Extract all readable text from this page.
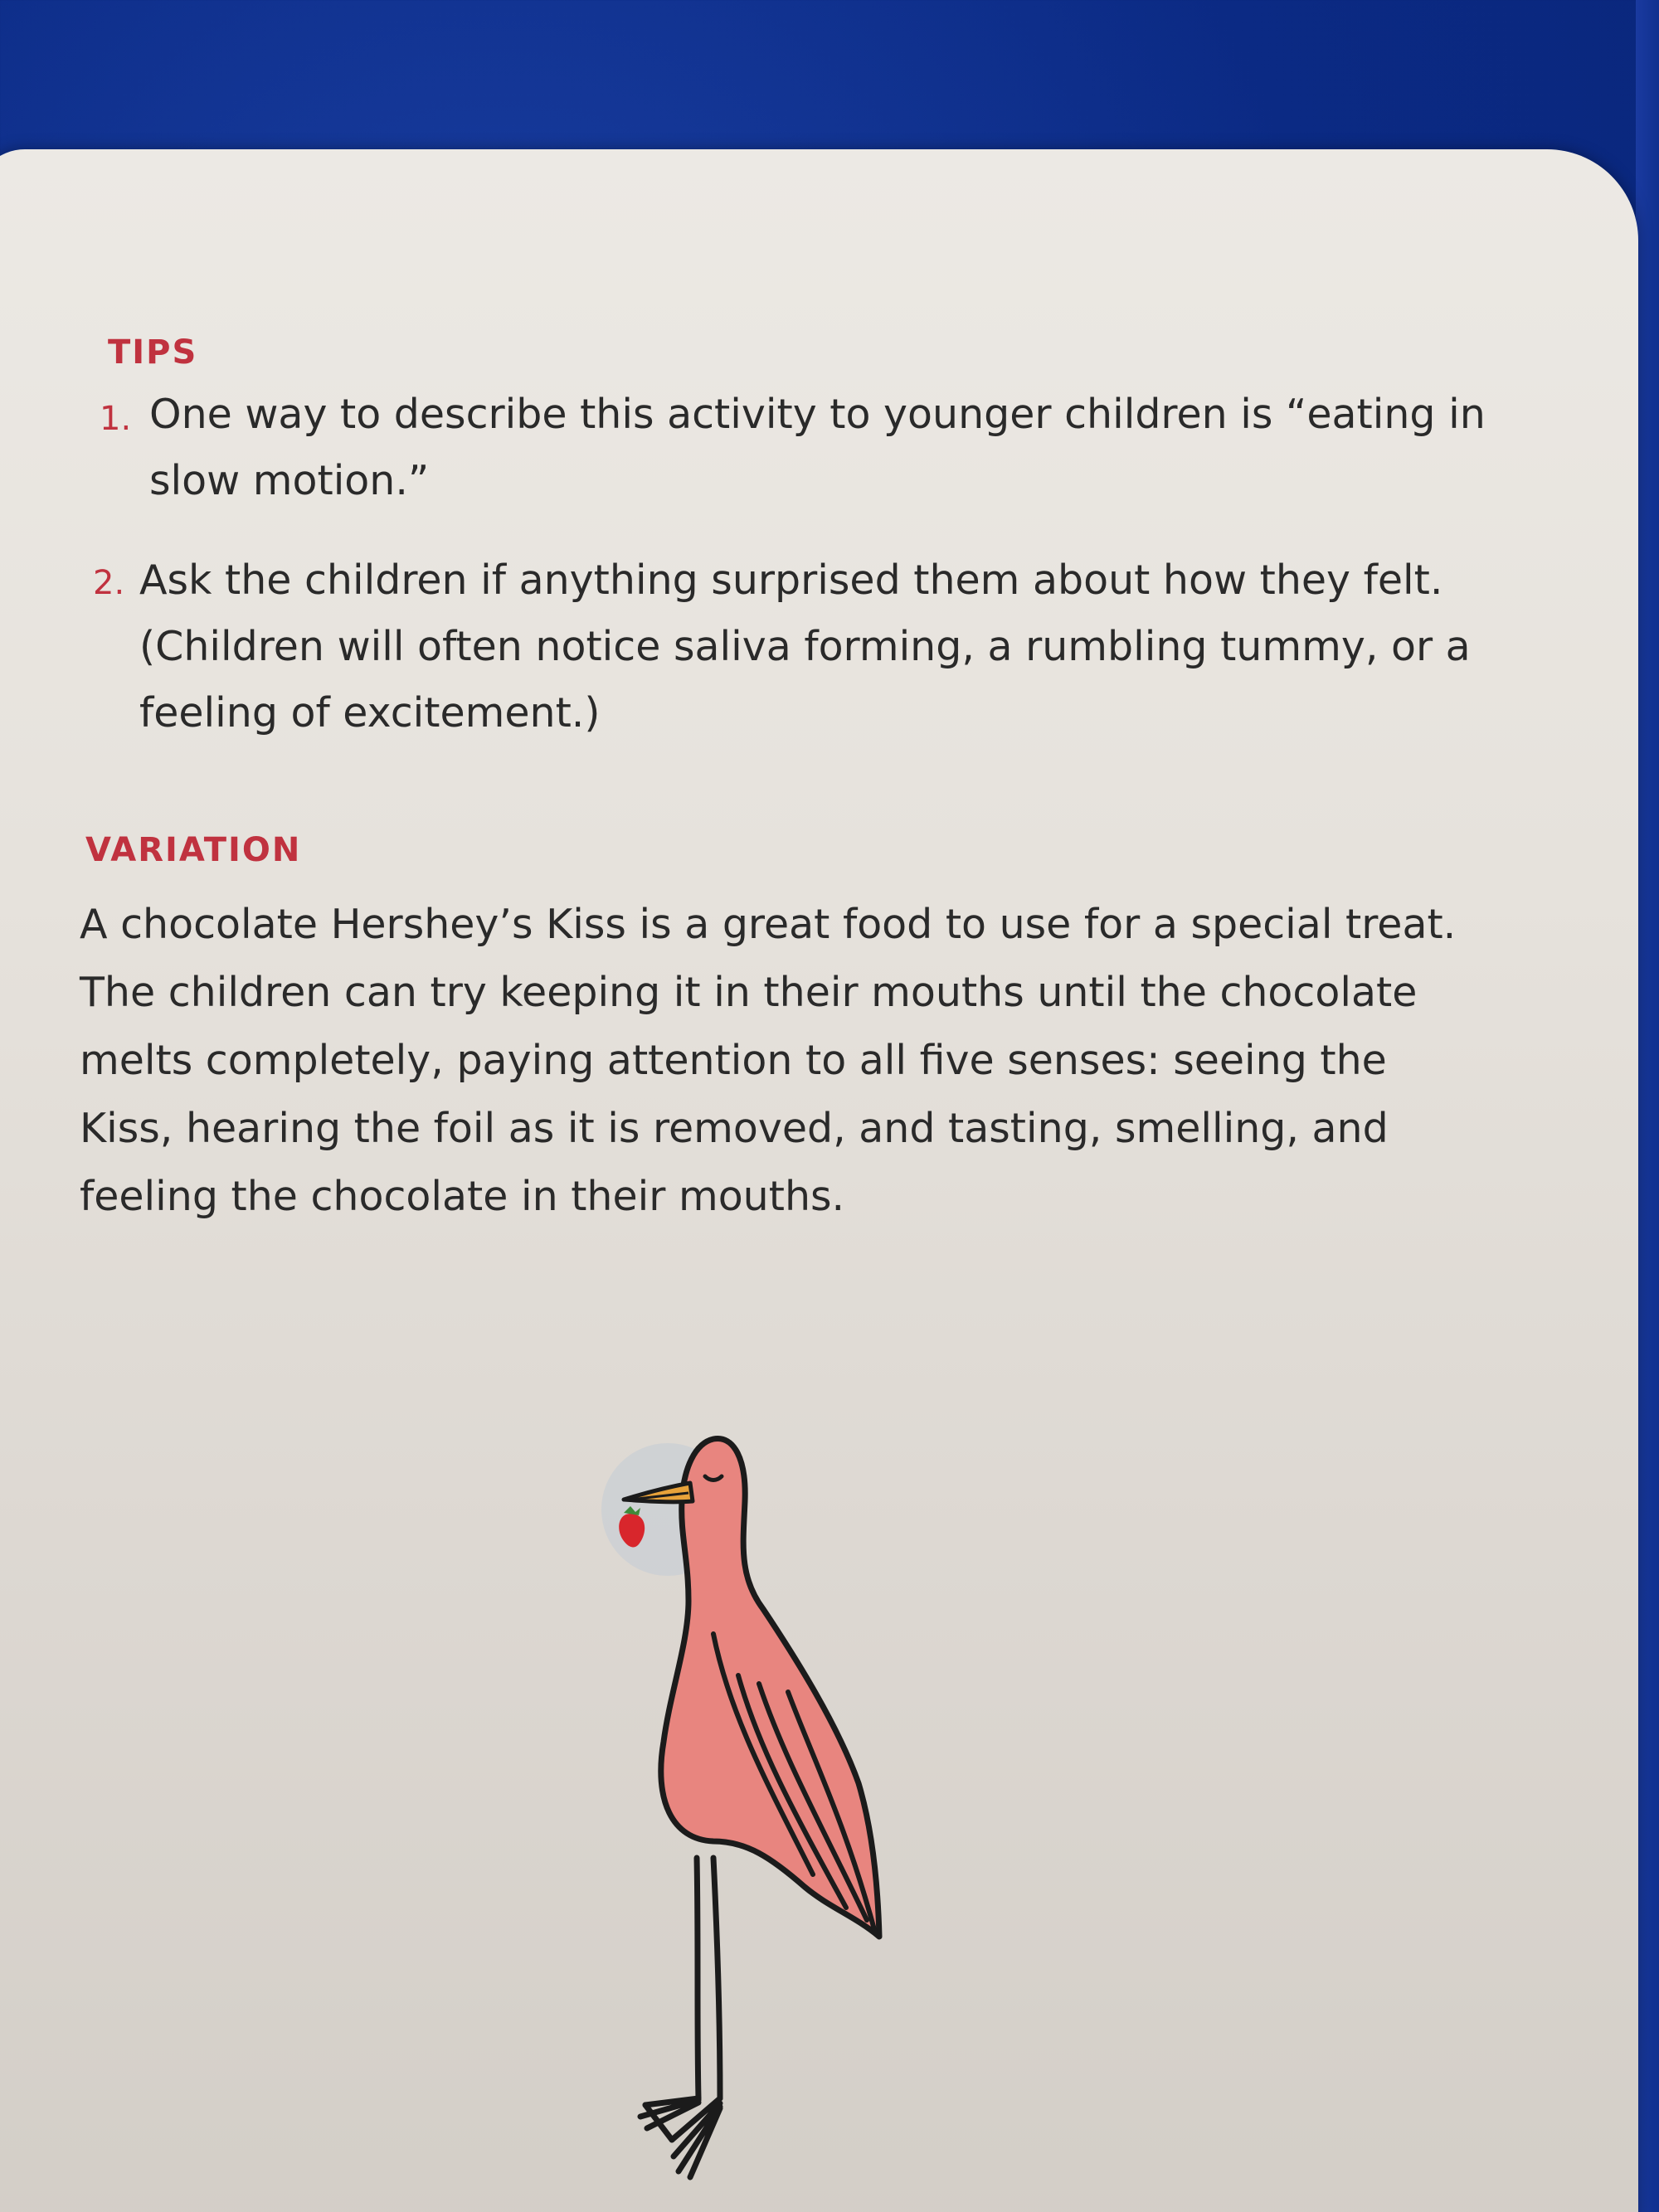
TIPS
1. One way to describe this activity to younger children is “eating in
slow motion.”

2. Ask the children if anything surprised them about how they felt.
(Children will often notice saliva forming, a rumbling tummy, or a
feeling of excitement.)

VARIATION

A chocolate Hershey’s Kiss is a great food to use for a special treat.
The children can try keeping it in their mouths until the chocolate
melts completely, paying attention to all five senses: seeing the
Kiss, hearing the foil as it is removed, and tasting, smelling, and
feeling the chocolate in their mouths.
